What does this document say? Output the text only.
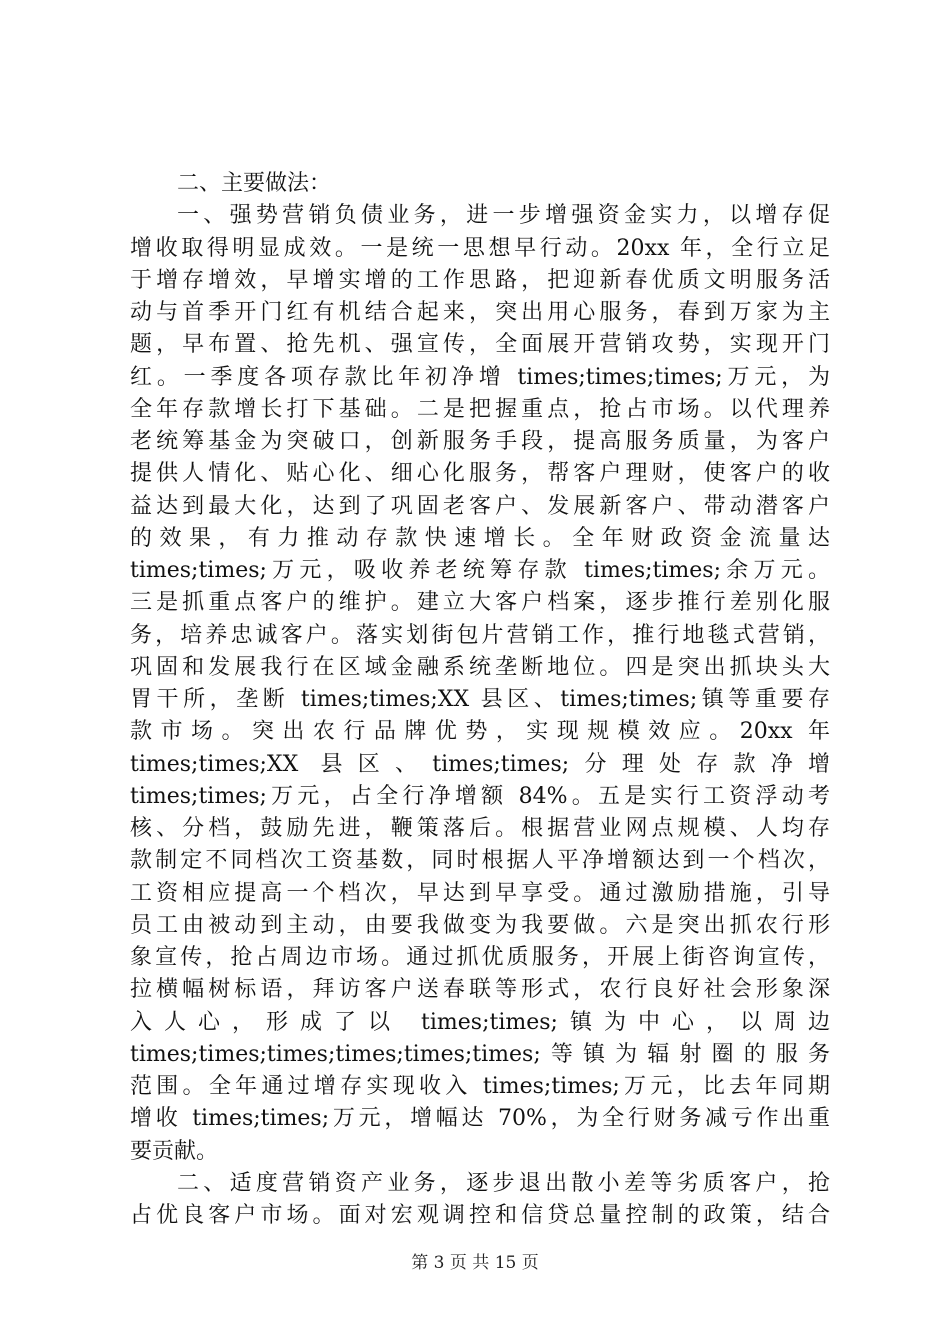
二、主要做法：
一、强势营销负债业务，进一步增强资金实力，以增存促
增收取得明显成效。一是统一思想早行动。20xx 年，全行立足
于增存增效，早增实增的工作思路，把迎新春优质文明服务活
动与首季开门红有机结合起来，突出用心服务，春到万家为主
题，早布置、抢先机、强宣传，全面展开营销攻势，实现开门
红。一季度各项存款比年初净增 times;times;times;万元，为
全年存款增长打下基础。二是把握重点，抢占市场。以代理养
老统筹基金为突破口，创新服务手段，提高服务质量，为客户
提供人情化、贴心化、细心化服务，帮客户理财，使客户的收
益达到最大化，达到了巩固老客户、发展新客户、带动潜客户
的效果，有力推动存款快速增长。全年财政资金流量达
times;times;万元，吸收养老统筹存款 times;times;余万元。
三是抓重点客户的维护。建立大客户档案，逐步推行差别化服
务，培养忠诚客户。落实划街包片营销工作，推行地毯式营销，
巩固和发展我行在区域金融系统垄断地位。四是突出抓块头大
胃干所，垄断 times;times;XX 县区、times;times;镇等重要存
款市场。突出农行品牌优势，实现规模效应。20xx 年
times;times;XX 县区、times;times;分理处存款净增
times;times;万元，占全行净增额 84%。五是实行工资浮动考
核、分档，鼓励先进，鞭策落后。根据营业网点规模、人均存
款制定不同档次工资基数，同时根据人平净增额达到一个档次，
工资相应提高一个档次，早达到早享受。通过激励措施，引导
员工由被动到主动，由要我做变为我要做。六是突出抓农行形
象宣传，抢占周边市场。通过抓优质服务，开展上街咨询宣传，
拉横幅树标语，拜访客户送春联等形式，农行良好社会形象深
入人心，形成了以 times;times;镇为中心，以周边
times;times;times;times;times;times;等镇为辐射圈的服务
范围。全年通过增存实现收入 times;times;万元，比去年同期
增收 times;times;万元，增幅达 70%，为全行财务减亏作出重
要贡献。
二、适度营销资产业务，逐步退出散小差等劣质客户，抢
占优良客户市场。面对宏观调控和信贷总量控制的政策，结合
第 3 页 共 15 页
